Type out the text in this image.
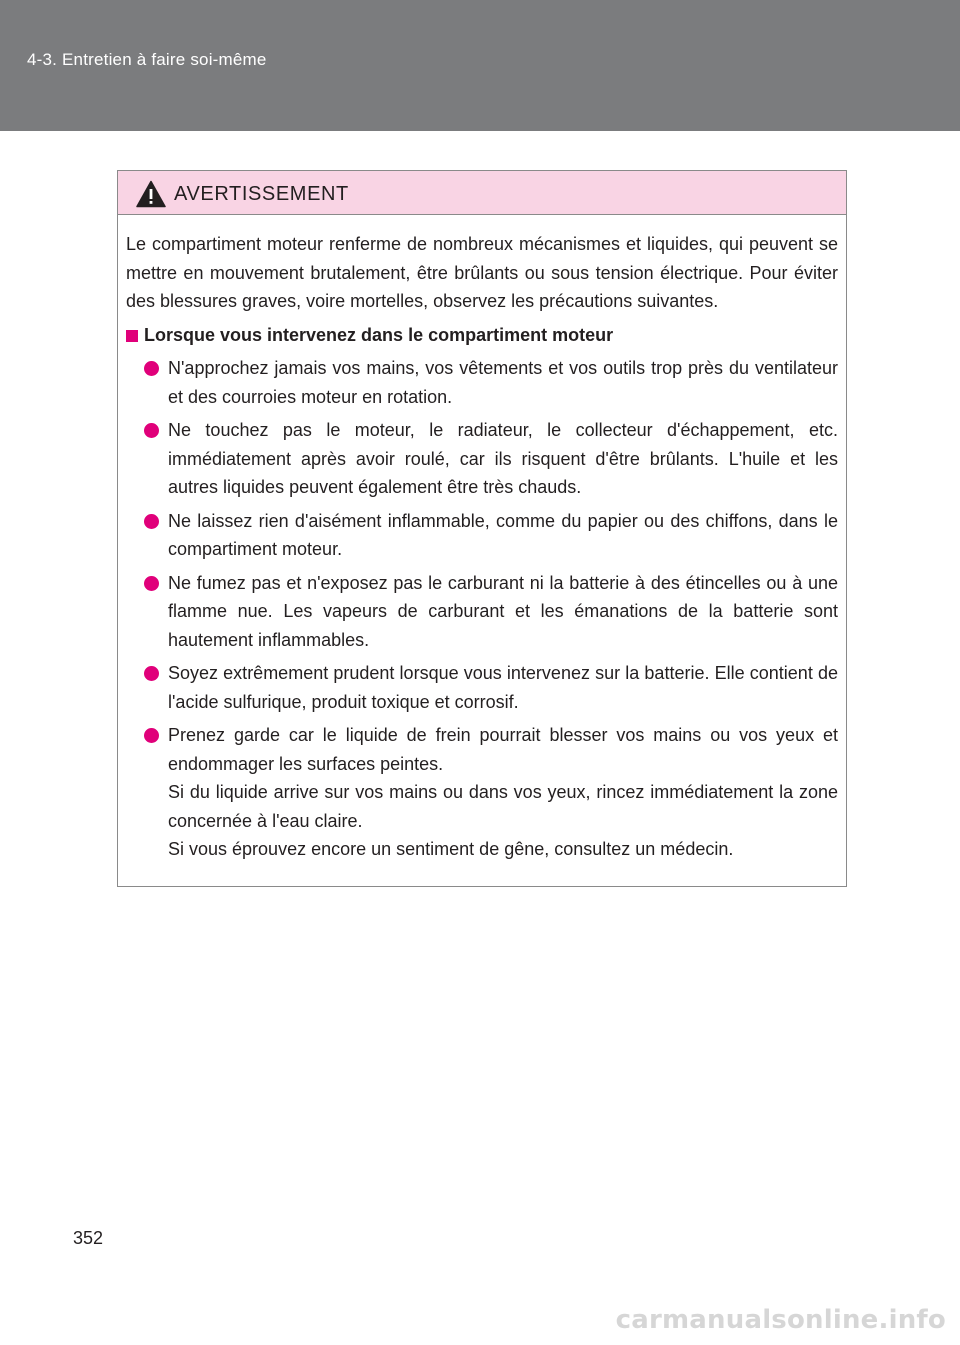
4-3. Entretien à faire soi-même
AVERTISSEMENT

Le compartiment moteur renferme de nombreux mécanismes et liquides, qui peuvent se mettre en mouvement brutalement, être brûlants ou sous tension électrique. Pour éviter des blessures graves, voire mortelles, observez les précautions suivantes.

Lorsque vous intervenez dans le compartiment moteur

N'approchez jamais vos mains, vos vêtements et vos outils trop près du ventilateur et des courroies moteur en rotation.

Ne touchez pas le moteur, le radiateur, le collecteur d'échappement, etc. immédiatement après avoir roulé, car ils risquent d'être brûlants. L'huile et les autres liquides peuvent également être très chauds.

Ne laissez rien d'aisément inflammable, comme du papier ou des chiffons, dans le compartiment moteur.

Ne fumez pas et n'exposez pas le carburant ni la batterie à des étincelles ou à une flamme nue. Les vapeurs de carburant et les émanations de la batterie sont hautement inflammables.

Soyez extrêmement prudent lorsque vous intervenez sur la batterie. Elle contient de l'acide sulfurique, produit toxique et corrosif.

Prenez garde car le liquide de frein pourrait blesser vos mains ou vos yeux et endommager les surfaces peintes.

Si du liquide arrive sur vos mains ou dans vos yeux, rincez immédiatement la zone concernée à l'eau claire.

Si vous éprouvez encore un sentiment de gêne, consultez un médecin.

352
carmanualsonline.info
